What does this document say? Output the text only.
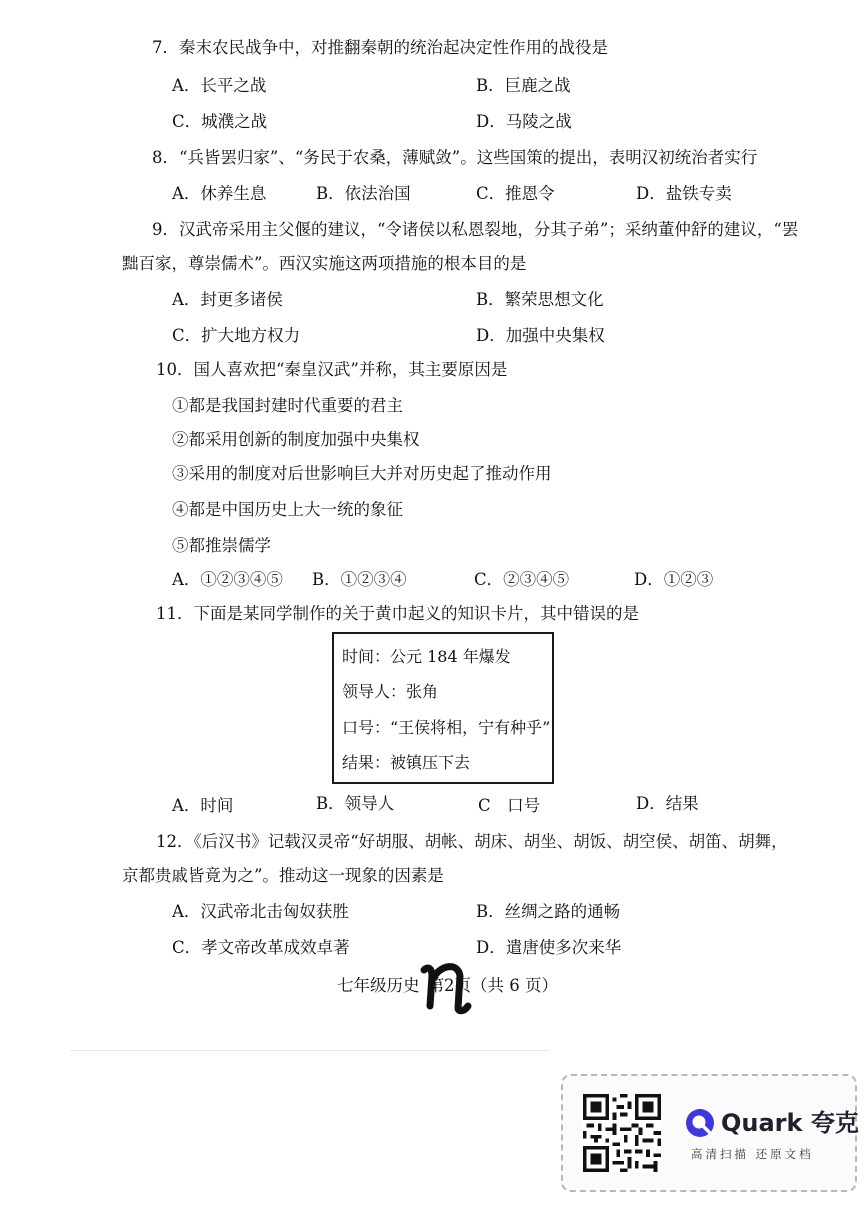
7．秦末农民战争中，对推翻秦朝的统治起决定性作用的战役是
A．长平之战	B．巨鹿之战
C．城濮之战	D．马陵之战
8．“兵皆罢归家”、“务民于农桑，薄赋敛”。这些国策的提出，表明汉初统治者实行
A．休养生息	B．依法治国	C．推恩令	D．盐铁专卖
9．汉武帝采用主父偃的建议，“令诸侯以私恩裂地，分其子弟”；采纳董仲舒的建议，“罢
黜百家，尊崇儒术”。西汉实施这两项措施的根本目的是
A．封更多诸侯	B．繁荣思想文化
C．扩大地方权力	D．加强中央集权
10．国人喜欢把“秦皇汉武”并称，其主要原因是
①都是我国封建时代重要的君主
②都采用创新的制度加强中央集权
③采用的制度对后世影响巨大并对历史起了推动作用
④都是中国历史上大一统的象征
⑤都推崇儒学
A．①②③④⑤ B．①②③④	C．②③④⑤	D．①②③
11．下面是某同学制作的关于黄巾起义的知识卡片，其中错误的是
时间：公元 184 年爆发
领导人：张角
口号：“王侯将相，宁有种乎”
结果：被镇压下去
A．时间	B．领导人	C　口号	D．结果
12．《后汉书》记载汉灵帝“好胡服、胡帐、胡床、胡坐、胡饭、胡空侯、胡笛、胡舞，
京都贵戚皆竟为之”。推动这一现象的因素是
A．汉武帝北击匈奴获胜	B．丝绸之路的通畅
C．孝文帝改革成效卓著	D．遣唐使多次来华
七年级历史 第2页（共 6 页）
Quark 夸克
高清扫描 还原文档
